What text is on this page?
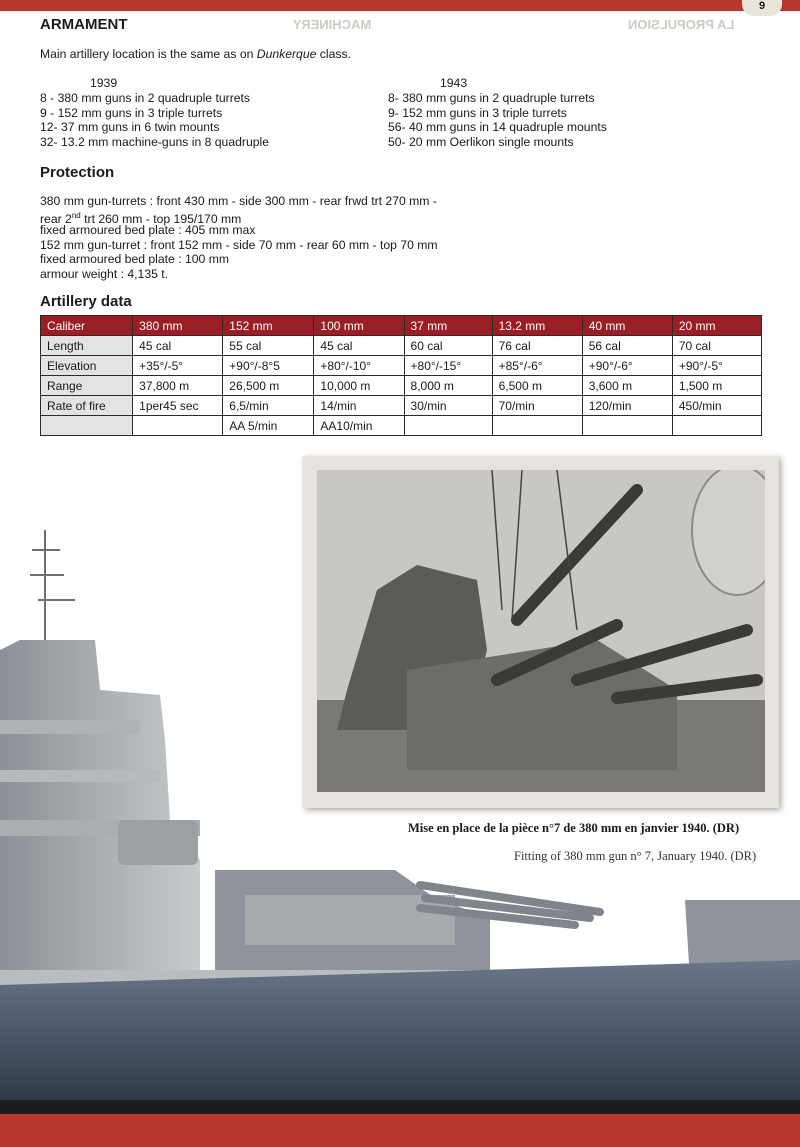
9
MACHINERY	LA PROPULSION
ARMAMENT
Main artillery location is the same as on Dunkerque class.
1939	1943
8 - 380 mm guns in 2 quadruple turrets
9 - 152 mm guns in 3 triple turrets
12- 37 mm guns in 6 twin mounts
32- 13.2 mm machine-guns in 8 quadruple
8- 380 mm guns in 2 quadruple turrets
9- 152 mm guns in 3 triple turrets
56- 40 mm guns in 14 quadruple mounts
50- 20 mm Oerlikon single mounts
Protection
380 mm gun-turrets : front 430 mm - side 300 mm - rear frwd trt 270 mm -
rear 2nd trt 260 mm - top 195/170 mm
fixed armoured bed plate : 405 mm max
152 mm gun-turret : front 152 mm - side 70 mm - rear 60 mm - top 70 mm
fixed armoured bed plate : 100 mm
armour weight : 4,135 t.
Artillery data
Caliber	380 mm	152 mm	100 mm	37 mm	13.2 mm	40 mm	20 mm
Length	45 cal	55 cal	45 cal	60 cal	76 cal	56 cal	70 cal
Elevation	+35°/-5°	+90°/-8°5	+80°/-10°	+80°/-15°	+85°/-6°	+90°/-6°	+90°/-5°
Range	37,800 m	26,500 m	10,000 m	8,000 m	6,500 m	3,600 m	1,500 m
Rate of fire	1per45 sec	6,5/min	14/min	30/min	70/min	120/min	450/min
		AA 5/min	AA10/min				
Mise en place de la pièce n°7 de 380 mm en janvier 1940. (DR)
Fitting of 380 mm gun n° 7, January 1940. (DR)
